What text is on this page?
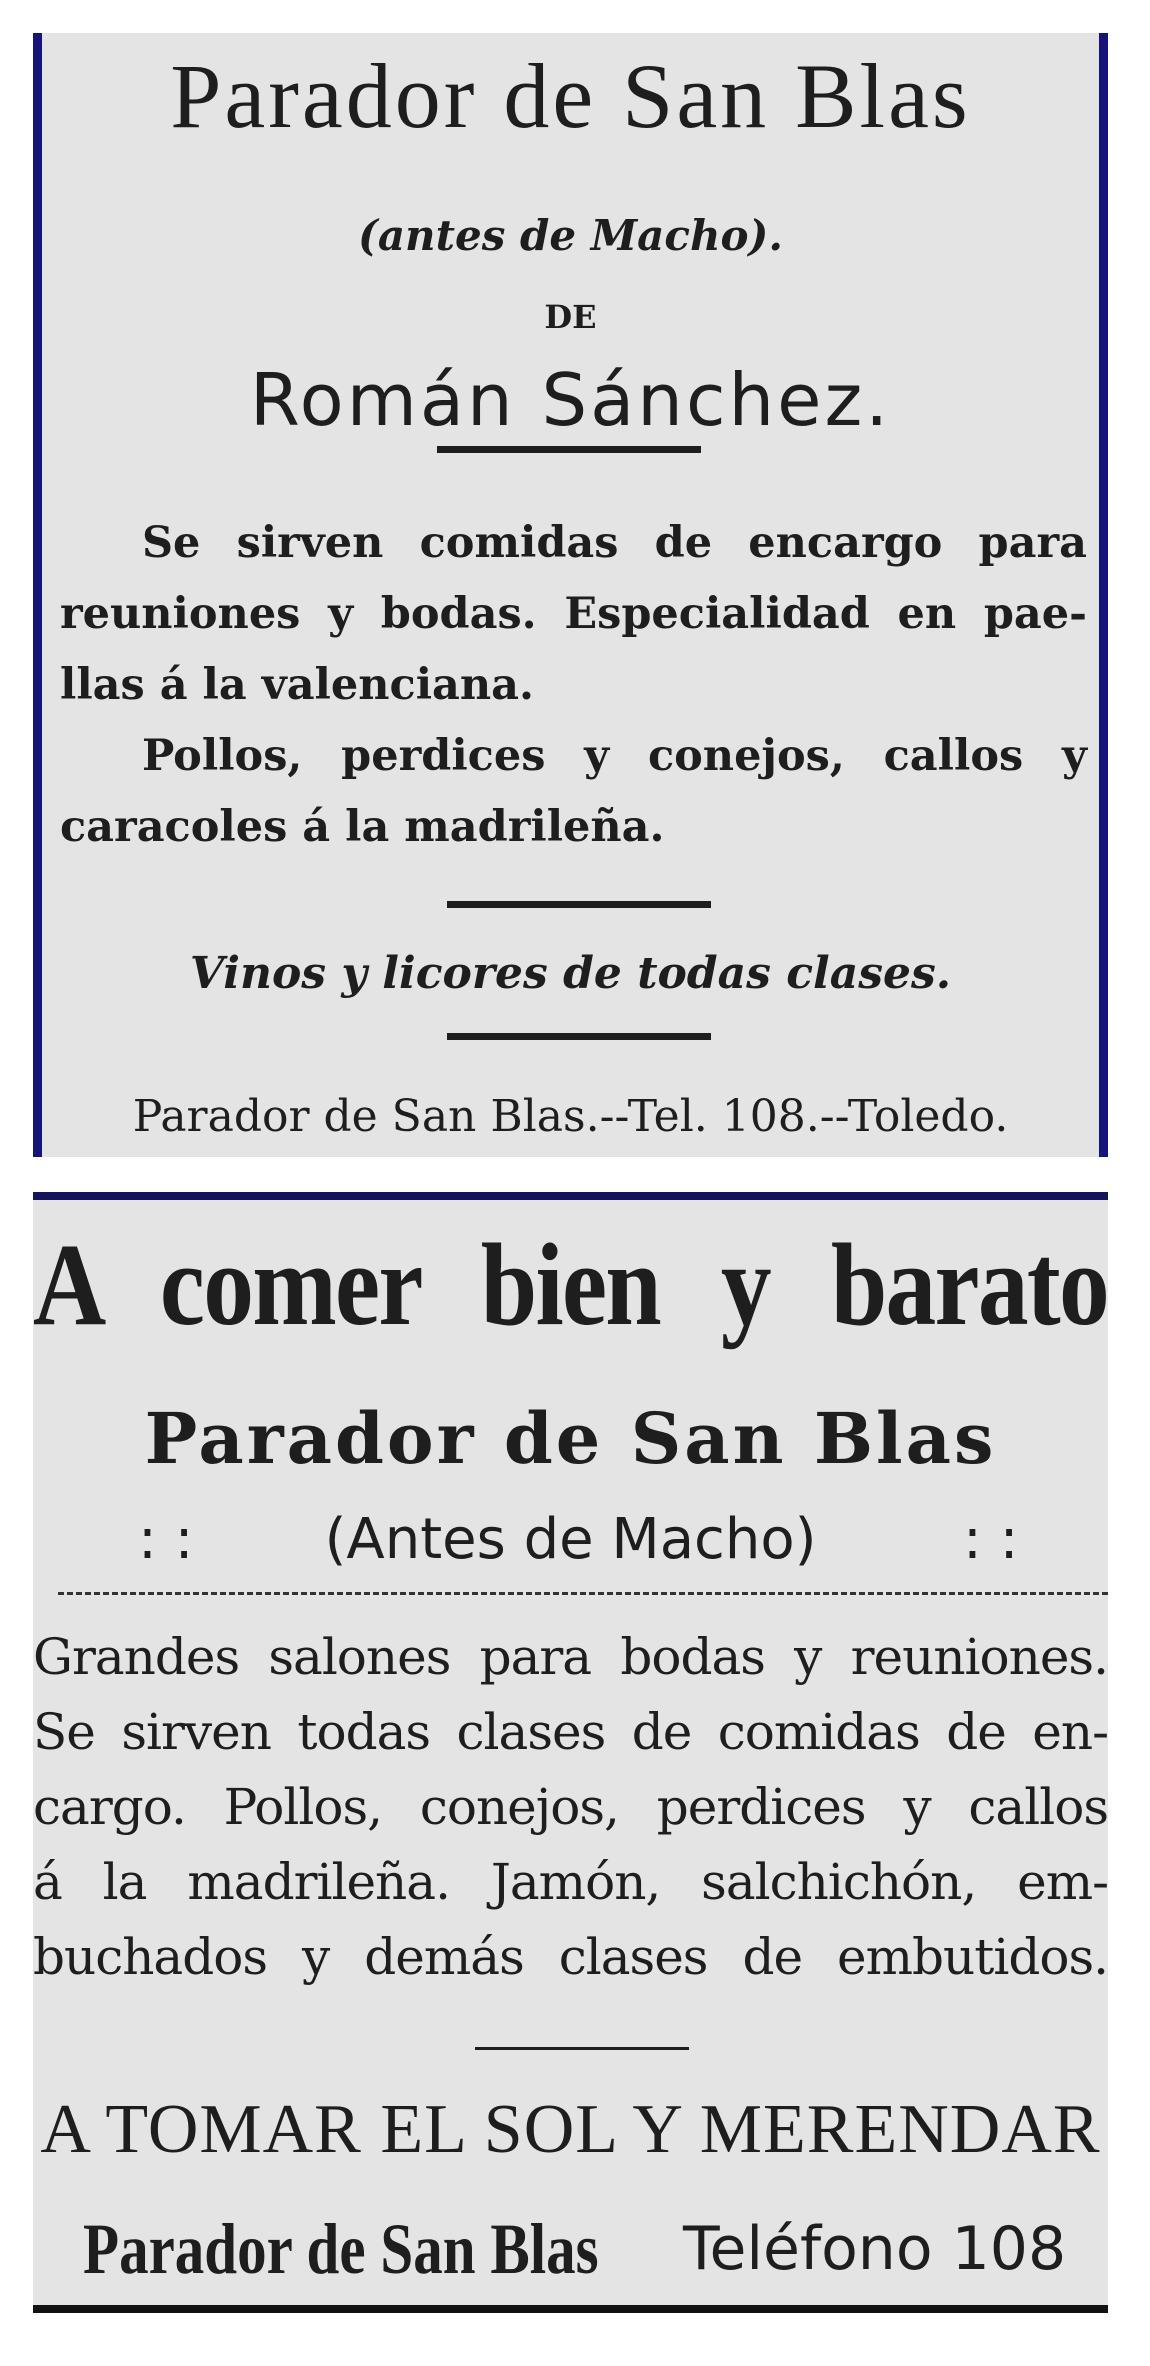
Parador de San Blas
(antes de Macho).
DE
Román Sánchez.
Se sirven comidas de encargo para
reuniones y bodas. Especialidad en pae-
llas á la valenciana.
Pollos, perdices y conejos, callos y
caracoles á la madrileña.
Vinos y licores de todas clases.
Parador de San Blas.--Tel. 108.--Toledo.
A comer bien y barato
Parador de San Blas
: :	(Antes de Macho)	: :
Grandes salones para bodas y reuniones.
Se sirven todas clases de comidas de en-
cargo. Pollos, conejos, perdices y callos
á la madrileña. Jamón, salchichón, em-
buchados y demás clases de embutidos.
A TOMAR EL SOL Y MERENDAR
Parador de San Blas Teléfono 108
